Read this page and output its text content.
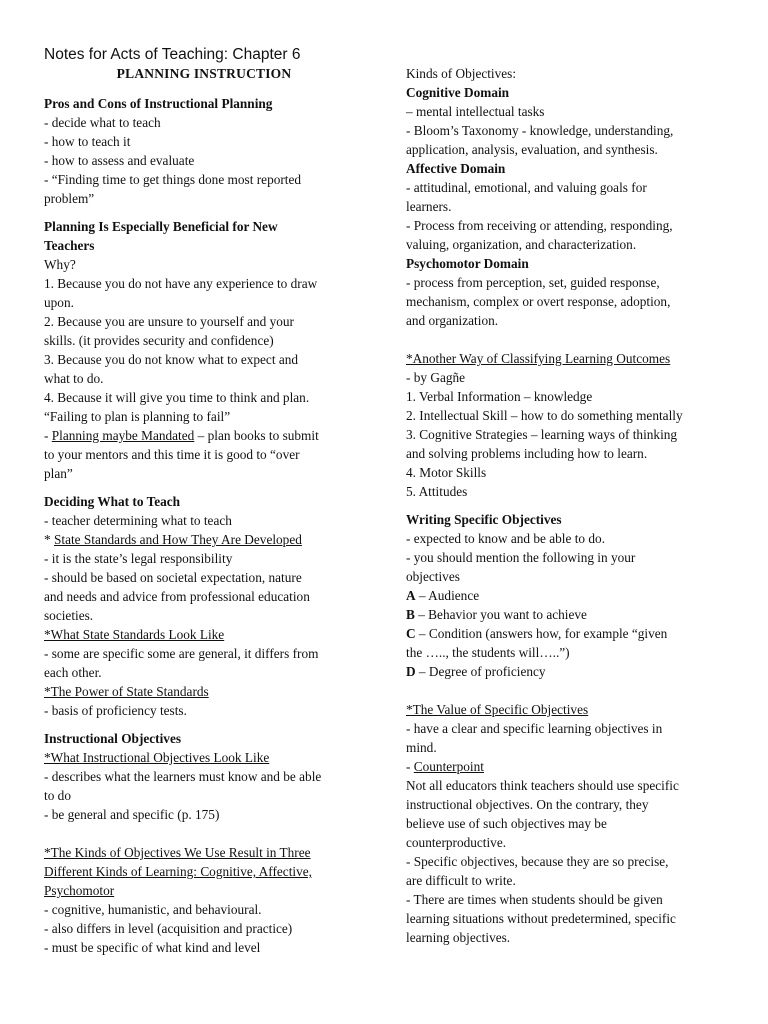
Notes for Acts of Teaching: Chapter 6
PLANNING INSTRUCTION
Pros and Cons of Instructional Planning
- decide what to teach
- how to teach it
- how to assess and evaluate
- “Finding time to get things done most reported
problem”
Planning Is Especially Beneficial for New
Teachers
Why?
1. Because you do not have any experience to draw
upon.
2. Because you are unsure to yourself and your
skills. (it provides security and confidence)
3. Because you do not know what to expect and
what to do.
4. Because it will give you time to think and plan.
“Failing to plan is planning to fail”
- Planning maybe Mandated – plan books to submit
to your mentors and this time it is good to “over
plan”
Deciding What to Teach
- teacher determining what to teach
* State Standards and How They Are Developed
- it is the state’s legal responsibility
- should be based on societal expectation, nature
and needs and advice from professional education
societies.
*What State Standards Look Like
- some are specific some are general, it differs from
each other.
*The Power of State Standards
- basis of proficiency tests.
Instructional Objectives
*What Instructional Objectives Look Like
- describes what the learners must know and be able
to do
- be general and specific (p. 175)
*The Kinds of Objectives We Use Result in Three
Different Kinds of Learning: Cognitive, Affective,
Psychomotor
- cognitive, humanistic, and behavioural.
- also differs in level (acquisition and practice)
- must be specific of what kind and level
Kinds of Objectives:
Cognitive Domain
– mental intellectual tasks
- Bloom’s Taxonomy - knowledge, understanding,
application, analysis, evaluation, and synthesis.
Affective Domain
- attitudinal, emotional, and valuing goals for
learners.
- Process from receiving or attending, responding,
valuing, organization, and characterization.
Psychomotor Domain
- process from perception, set, guided response,
mechanism, complex or overt response, adoption,
and organization.
*Another Way of Classifying Learning Outcomes
- by Gagñe
1. Verbal Information – knowledge
2. Intellectual Skill – how to do something mentally
3. Cognitive Strategies – learning ways of thinking
and solving problems including how to learn.
4. Motor Skills
5. Attitudes
Writing Specific Objectives
- expected to know and be able to do.
- you should mention the following in your
objectives
A – Audience
B – Behavior you want to achieve
C – Condition (answers how, for example “given
the ….., the students will…..”)
D – Degree of proficiency
*The Value of Specific Objectives
- have a clear and specific learning objectives in
mind.
- Counterpoint
Not all educators think teachers should use specific
instructional objectives. On the contrary, they
believe use of such objectives may be
counterproductive.
- Specific objectives, because they are so precise,
are difficult to write.
- There are times when students should be given
learning situations without predetermined, specific
learning objectives.
